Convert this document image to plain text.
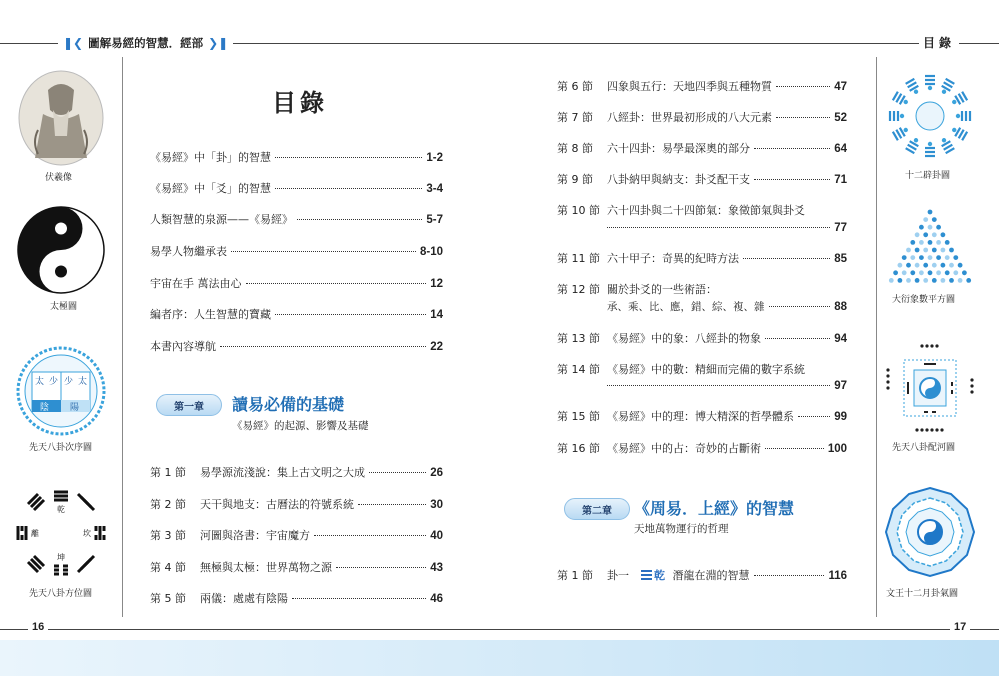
❚❮ 圖解易經的智慧．經部 ❯❚	目錄
伏羲像
太極圖
太 少 少 太
陰 陽
先天八卦次序圖
乾
坤
離	坎
先天八卦方位圖
十二辟卦圖
大衍象數平方圖
先天八卦配河圖
文王十二月卦氣圖
目錄
《易經》中「卦」的智慧	1-2
《易經》中「爻」的智慧	3-4
人類智慧的泉源——《易經》	5-7
易學人物繼承表	8-10
宇宙在手 萬法由心	12
編者序：人生智慧的寶藏	14
本書內容導航	22
第一章	讀易必備的基礎
《易經》的起源、影響及基礎
第 1 節 易學源流淺說：集上古文明之大成	26
第 2 節 天干與地支：古曆法的符號系統	30
第 3 節 河圖與洛書：宇宙魔方	40
第 4 節 無極與太極：世界萬物之源	43
第 5 節 兩儀：處處有陰陽	46
第 6 節 四象與五行：天地四季與五種物質	47
第 7 節 八經卦：世界最初形成的八大元素	52
第 8 節 六十四卦：易學最深奧的部分	64
第 9 節 八卦納甲與納支：卦爻配干支	71
第 10 節 六十四卦與二十四節氣：象徵節氣與卦爻
77
第 11 節 六十甲子：奇異的紀時方法	85
第 12 節 關於卦爻的一些術語：
承、乘、比、應，錯、綜、複、雜	88
第 13 節 《易經》中的象：八經卦的物象	94
第 14 節 《易經》中的數：精細而完備的數字系統
97
第 15 節 《易經》中的理：博大精深的哲學體系	99
第 16 節 《易經》中的占：奇妙的占斷術	100
第二章	《周易．上經》的智慧
天地萬物運行的哲理
第 1 節 卦一 乾 潛龍在淵的智慧	116
16	17
